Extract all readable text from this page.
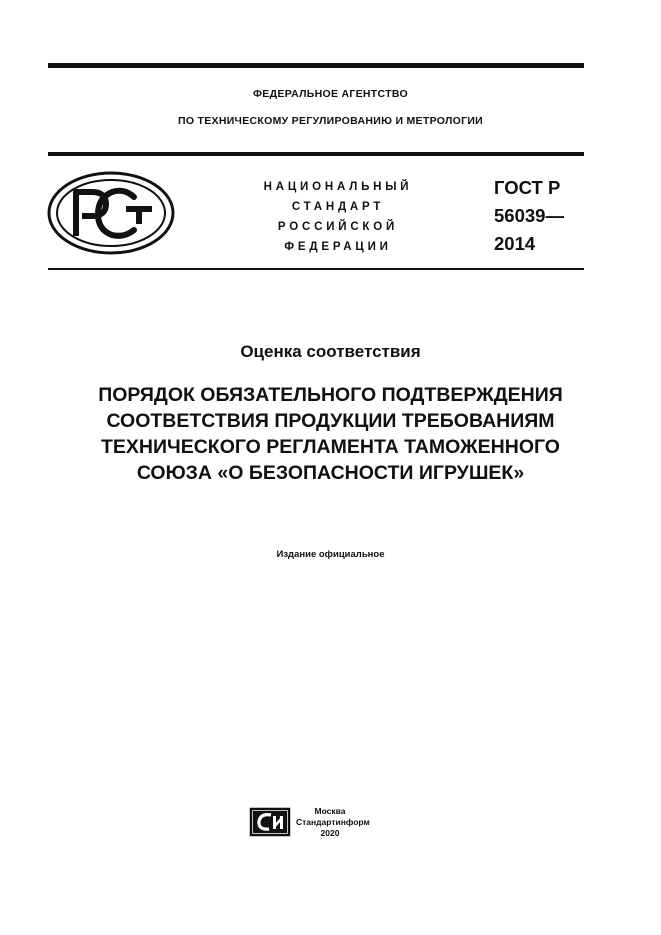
ФЕДЕРАЛЬНОЕ АГЕНТСТВО
ПО ТЕХНИЧЕСКОМУ РЕГУЛИРОВАНИЮ И МЕТРОЛОГИИ
НАЦИОНАЛЬНЫЙ
СТАНДАРТ
РОССИЙСКОЙ
ФЕДЕРАЦИИ
ГОСТ Р
56039—
2014
Оценка соответствия
ПОРЯДОК ОБЯЗАТЕЛЬНОГО ПОДТВЕРЖДЕНИЯ
СООТВЕТСТВИЯ ПРОДУКЦИИ ТРЕБОВАНИЯМ
ТЕХНИЧЕСКОГО РЕГЛАМЕНТА ТАМОЖЕННОГО
СОЮЗА «О БЕЗОПАСНОСТИ ИГРУШЕК»
Издание официальное
Москва
Стандартинформ
2020
